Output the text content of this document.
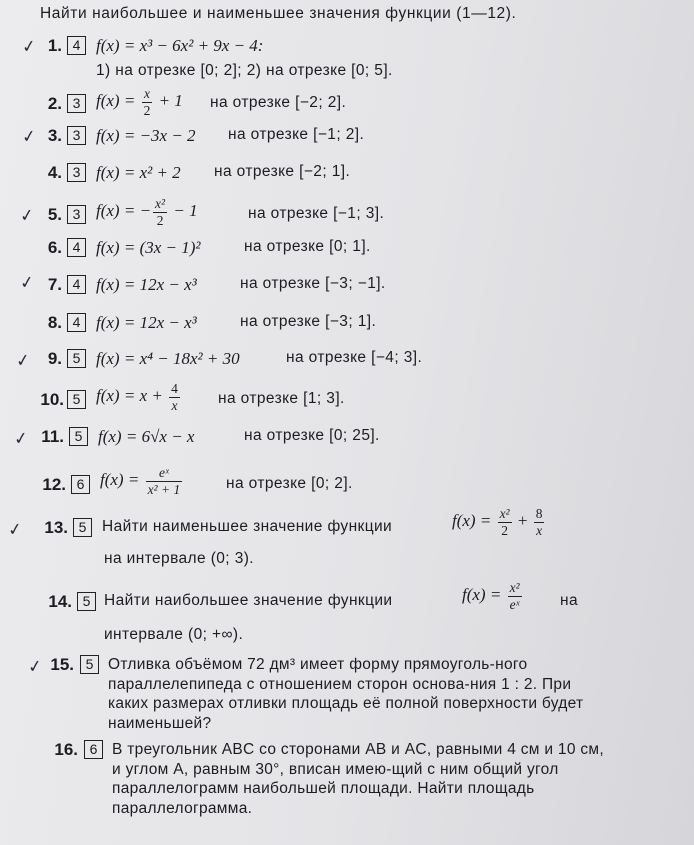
Найти наибольшее и наименьшее значения функции (1—12).
✓ 1. 4 f(x) = x³ − 6x² + 9x − 4:
1) на отрезке [0; 2]; 2) на отрезке [0; 5].
2. 3 $f(x) = \frac{x}{2} + 1$ на отрезке [−2; 2].
✓ 3. 3 f(x) = −3x − 2 на отрезке [−1; 2].
4. 3 f(x) = x² + 2 на отрезке [−2; 1].
✓ 5. 3 f(x) = − $\frac{\text{x²}}{2} - 1$	на отрезке [−1; 3].
6. 4 f(x) = (3x − 1)²	на отрезке [0; 1].
✓ 7. 4 f(x) = 12x − x³	на отрезке [−3; −1].
8. 4 f(x) = 12x − x³	на отрезке [−3; 1].
✓ 9. 5 f(x) = x⁴ − 18x² + 30	на отрезке [−4; 3].
10. 5 $f(x) = x + \frac{4}{x}$ на отрезке [1; 3].
✓ 11. 5 f(x) = 6√x − x	на отрезке [0; 25].
12. 6 $f(x) = \frac{\text{eˣ}}{\text{x² + 1}}$	на отрезке [0; 2].
✓	13. 5	Найти наименьшее значение функции	$f(x) = \frac{\text{x²}}{2} + \frac{8}{x}$
на интервале (0; 3).
14. 5 Найти наибольшее значение функции	$f(x) = \frac{\text{x²}}{\text{eˣ}}$ на
интервале (0; +∞).
✓ 15. 5 Отливка объёмом 72 дм³ имеет форму прямоуголь-ного параллелепипеда с отношением сторон основа-ния 1 : 2. При каких размерах отливки площадь её полной поверхности будет наименьшей?
16. 6 В треугольник ABC со сторонами AB и AC, равными 4 см и 10 см, и углом A, равным 30°, вписан имею-щий с ним общий угол параллелограмм наибольшей площади. Найти площадь параллелограмма.
